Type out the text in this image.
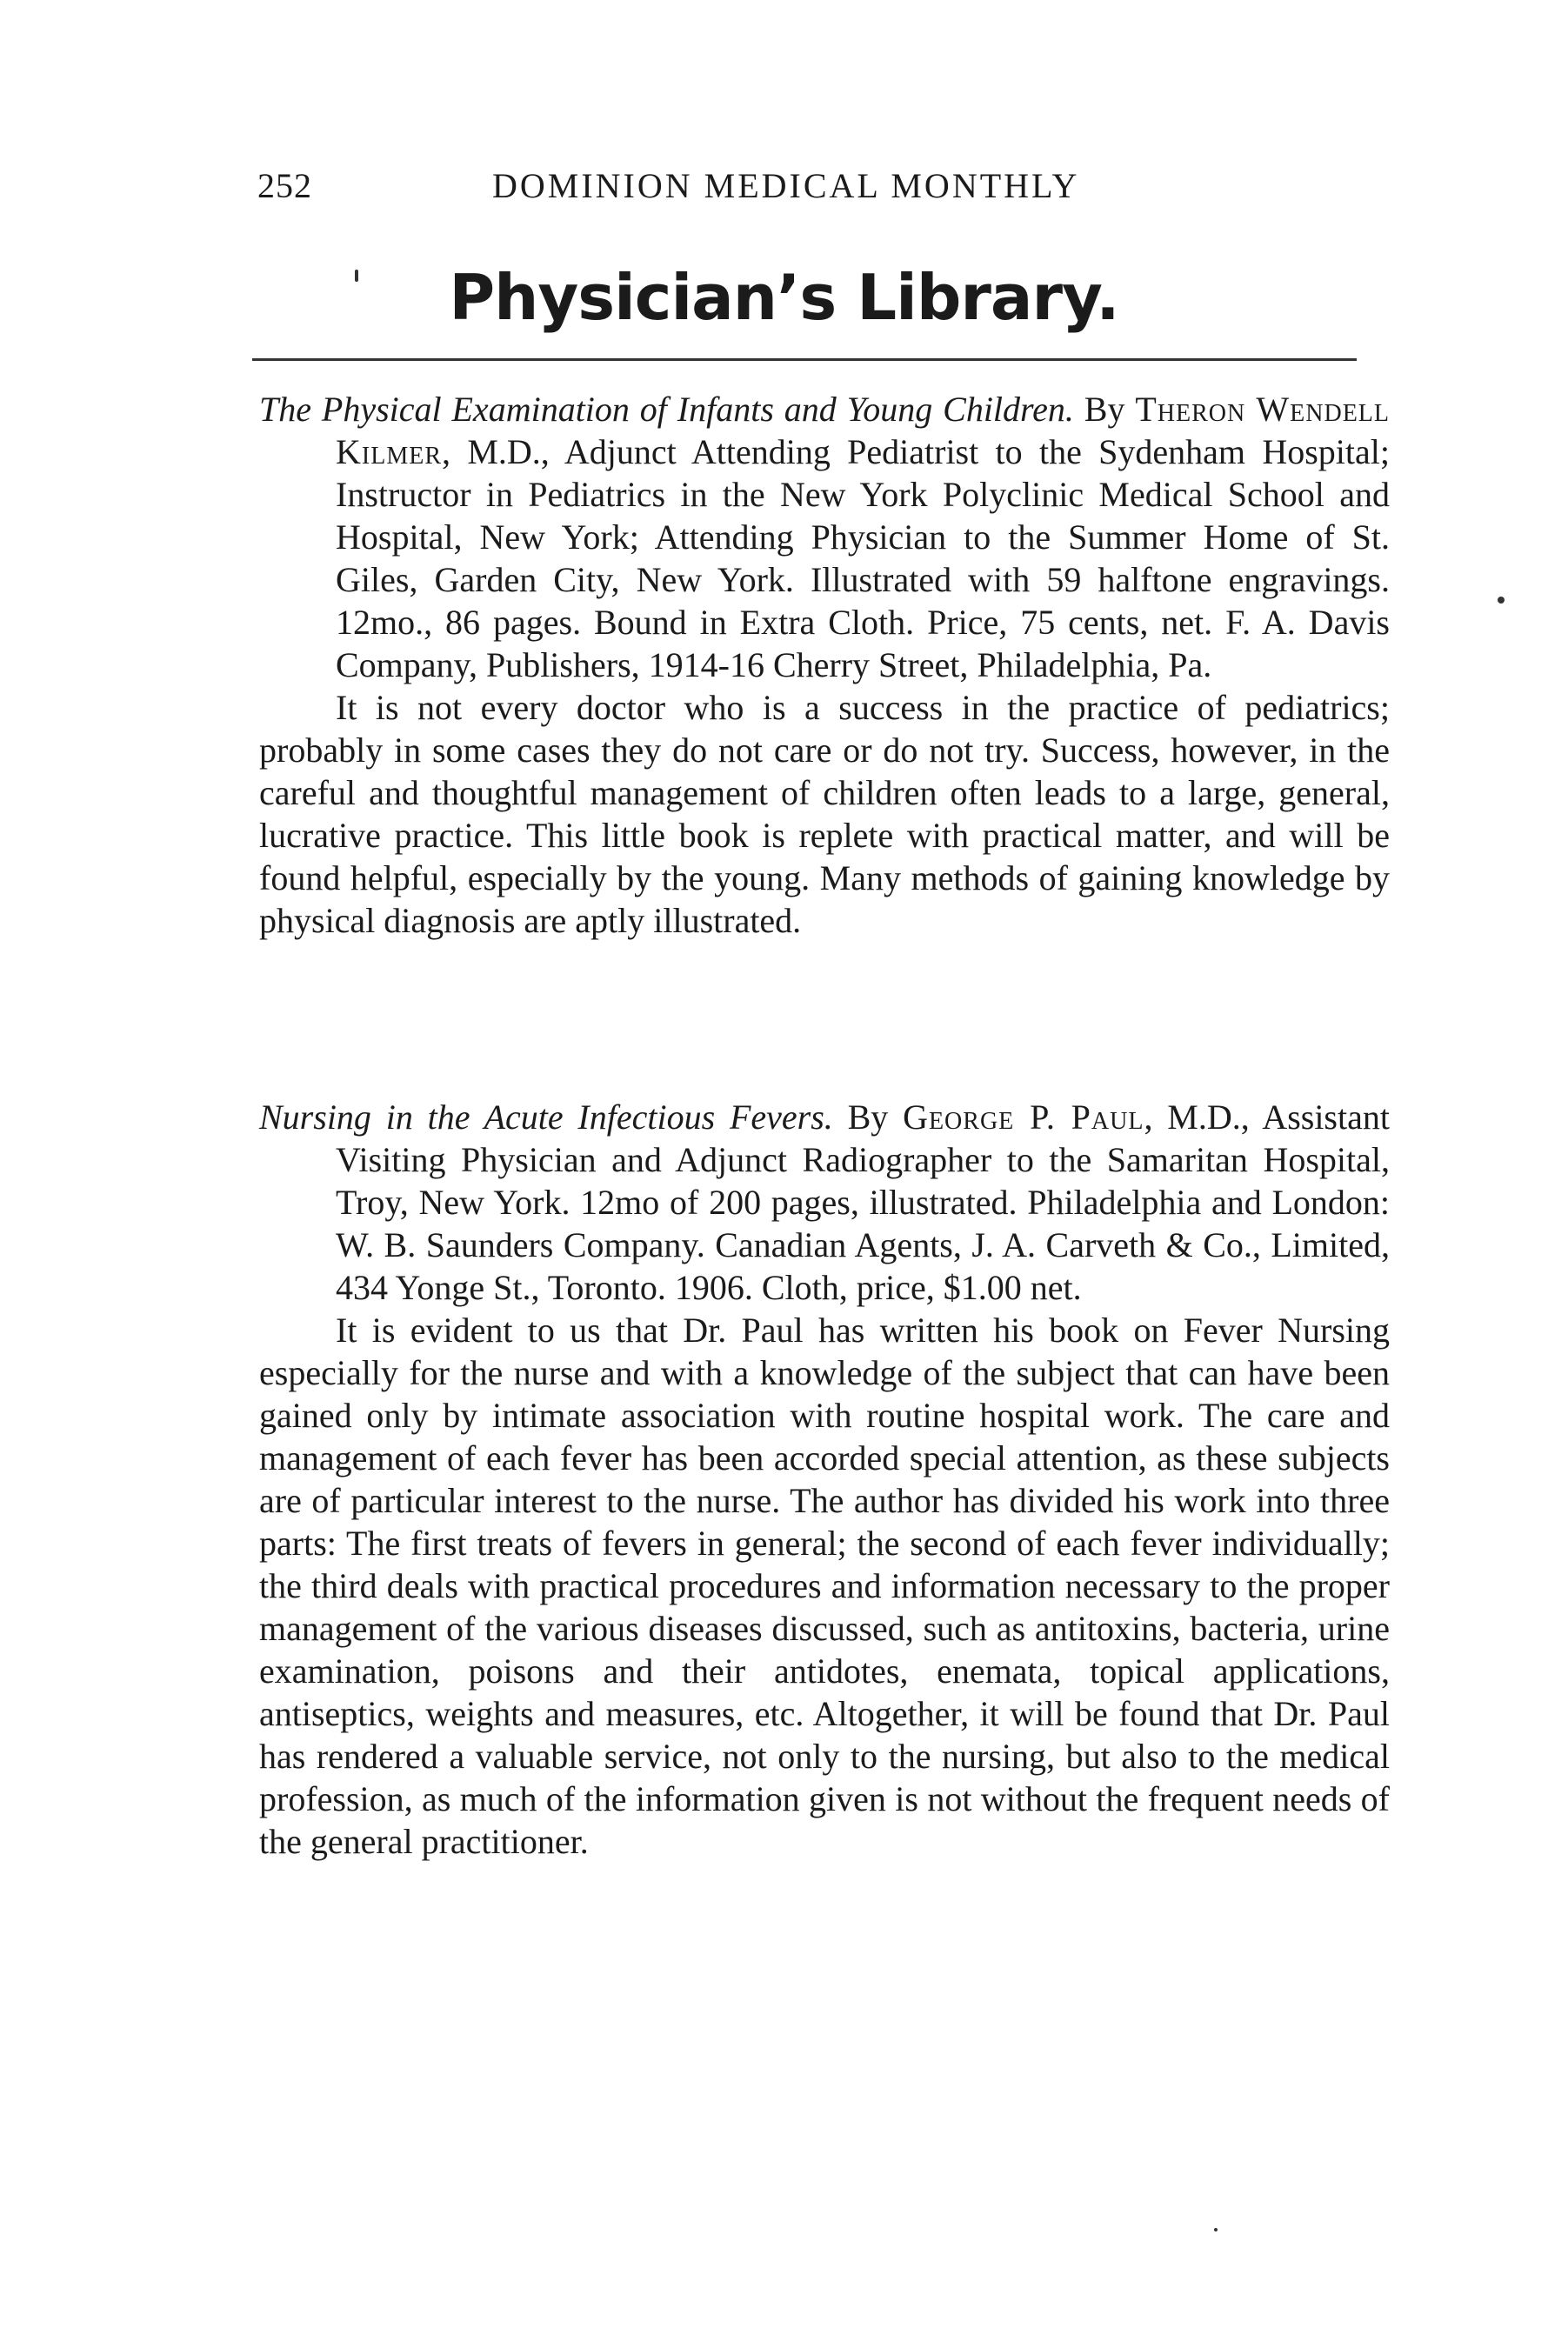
252	DOMINION MEDICAL MONTHLY
Physician’s Library.

The Physical Examination of Infants and Young Children. By Theron Wendell Kilmer, M.D., Adjunct Attending Pediatrist to the Sydenham Hospital; Instructor in Pediatrics in the New York Polyclinic Medical School and Hospital, New York; Attending Physician to the Summer Home of St. Giles, Garden City, New York. Illustrated with 59 halftone engravings. 12mo., 86 pages. Bound in Extra Cloth. Price, 75 cents, net. F. A. Davis Company, Publishers, 1914-16 Cherry Street, Philadelphia, Pa.

It is not every doctor who is a success in the practice of pediatrics; probably in some cases they do not care or do not try. Success, however, in the careful and thoughtful management of children often leads to a large, general, lucrative practice. This little book is replete with practical matter, and will be found helpful, especially by the young. Many methods of gaining knowledge by physical diagnosis are aptly illustrated.

Nursing in the Acute Infectious Fevers. By George P. Paul, M.D., Assistant Visiting Physician and Adjunct Radiographer to the Samaritan Hospital, Troy, New York. 12mo of 200 pages, illustrated. Philadelphia and London: W. B. Saunders Company. Canadian Agents, J. A. Carveth & Co., Limited, 434 Yonge St., Toronto. 1906. Cloth, price, $1.00 net.

It is evident to us that Dr. Paul has written his book on Fever Nursing especially for the nurse and with a knowledge of the subject that can have been gained only by intimate association with routine hospital work. The care and management of each fever has been accorded special attention, as these subjects are of particular interest to the nurse. The author has divided his work into three parts: The first treats of fevers in general; the second of each fever individually; the third deals with practical procedures and information necessary to the proper management of the various diseases discussed, such as antitoxins, bacteria, urine examination, poisons and their antidotes, enemata, topical applications, antiseptics, weights and measures, etc. Altogether, it will be found that Dr. Paul has rendered a valuable service, not only to the nursing, but also to the medical profession, as much of the information given is not without the frequent needs of the general practitioner.
